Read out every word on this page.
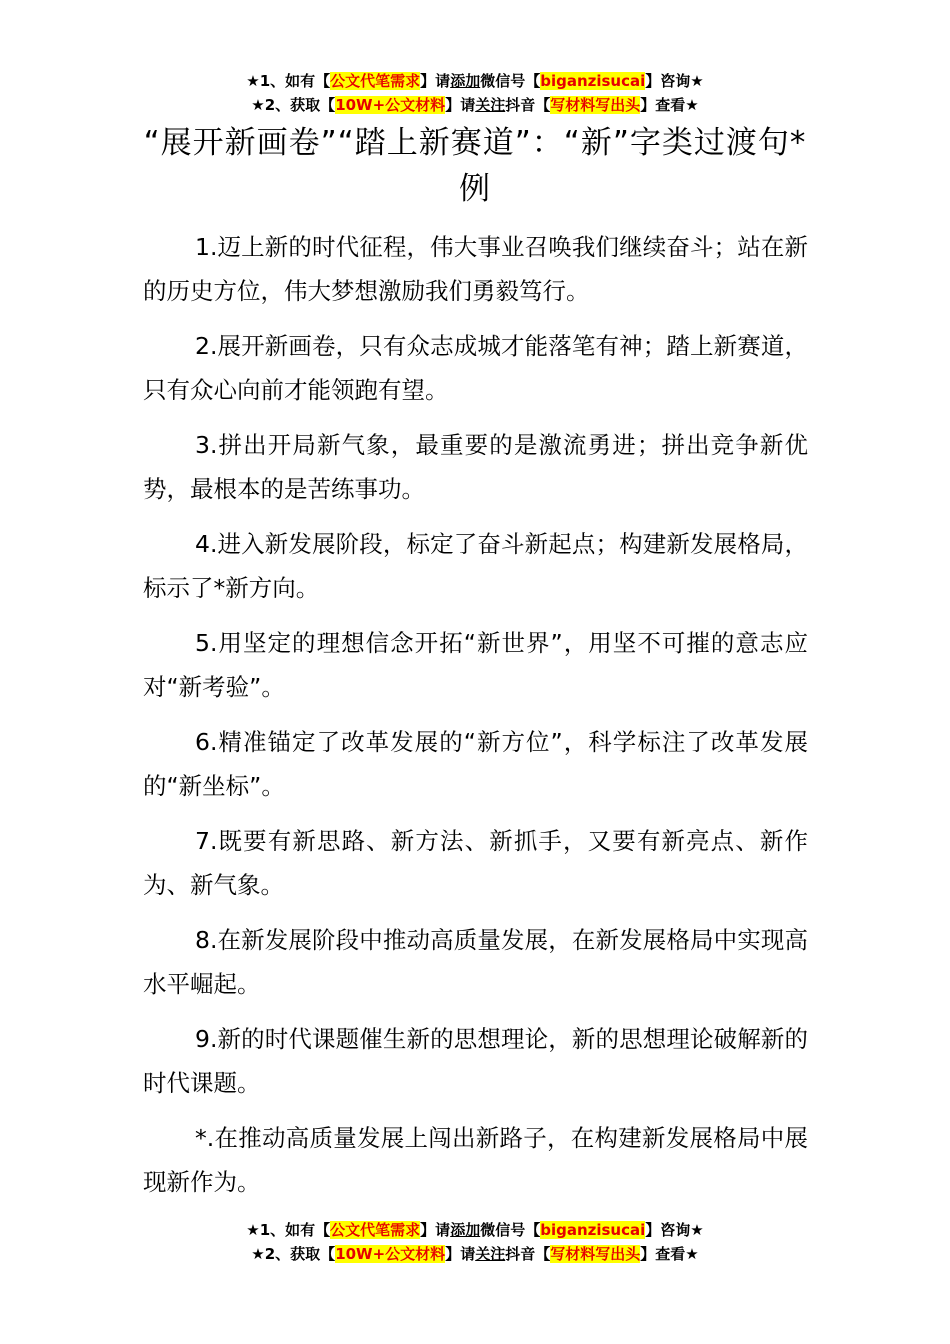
★1、如有【公文代笔需求】请添加微信号【biganzisucai】咨询★
★2、获取【10W+公文材料】请关注抖音【写材料写出头】查看★
“展开新画卷”“踏上新赛道”：“新”字类过渡句*例

1.迈上新的时代征程，伟大事业召唤我们继续奋斗；站在新的历史方位，伟大梦想激励我们勇毅笃行。

2.展开新画卷，只有众志成城才能落笔有神；踏上新赛道，只有众心向前才能领跑有望。

3.拼出开局新气象，最重要的是激流勇进；拼出竞争新优势，最根本的是苦练事功。

4.进入新发展阶段，标定了奋斗新起点；构建新发展格局，标示了*新方向。

5.用坚定的理想信念开拓“新世界”，用坚不可摧的意志应对“新考验”。

6.精准锚定了改革发展的“新方位”，科学标注了改革发展的“新坐标”。

7.既要有新思路、新方法、新抓手，又要有新亮点、新作为、新气象。

8.在新发展阶段中推动高质量发展，在新发展格局中实现高水平崛起。

9.新的时代课题催生新的思想理论，新的思想理论破解新的时代课题。

*.在推动高质量发展上闯出新路子，在构建新发展格局中展现新作为。

★1、如有【公文代笔需求】请添加微信号【biganzisucai】咨询★
★2、获取【10W+公文材料】请关注抖音【写材料写出头】查看★
